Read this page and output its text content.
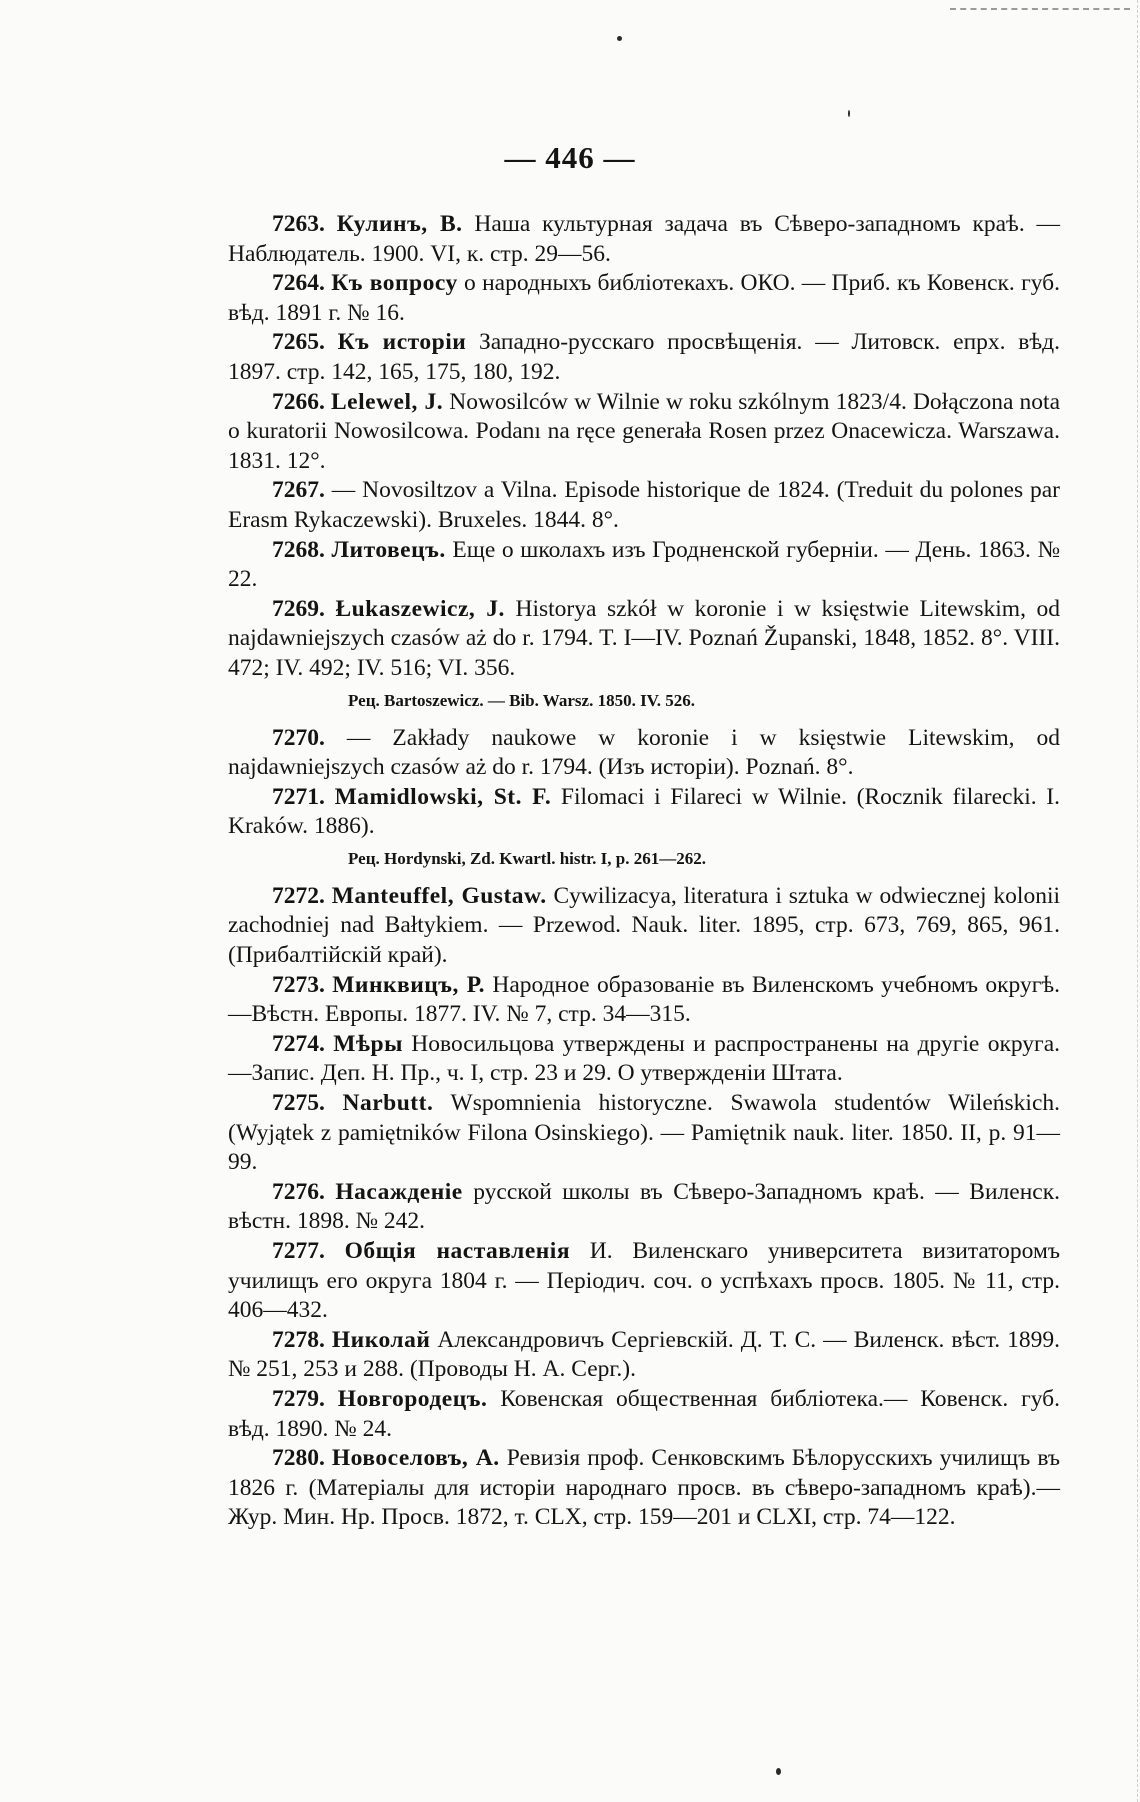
— 446 —

7263. Кулинъ, В. Наша культурная задача въ Сѣверо-западномъ краѣ. — Наблюдатель. 1900. VI, к. стр. 29—56.

7264. Къ вопросу о народныхъ библіотекахъ. ОКО. — Приб. къ Ковенск. губ. вѣд. 1891 г. № 16.

7265. Къ исторіи Западно-русскаго просвѣщенія. — Литовск. епрх. вѣд. 1897. стр. 142, 165, 175, 180, 192.

7266. Lelewel, J. Nowosilców w Wilnie w roku szkólnym 1823/4. Dołączona nota o kuratorii Nowosilcowa. Podanı na ręce generała Rosen przez Onacewicza. Warszawa. 1831. 12°.

7267. — Novosiltzov a Vilna. Episode historique de 1824. (Treduit du polones par Erasm Rykaczewski). Bruxeles. 1844. 8°.

7268. Литовецъ. Еще о школахъ изъ Гродненской губерніи. — День. 1863. № 22.

7269. Łukaszewicz, J. Historya szkół w koronie i w księstwie Litewskim, od najdawniejszych czasów aż do r. 1794. T. I—IV. Poznań Županski, 1848, 1852. 8°. VIII. 472; IV. 492; IV. 516; VI. 356.

Рец. Bartoszewicz. — Bib. Warsz. 1850. IV. 526.

7270. — Zakłady naukowe w koronie i w księstwie Litewskim, od najdawniejszych czasów aż do r. 1794. (Изъ исторіи). Poznań. 8°.

7271. Mamidlowski, St. F. Filomaci i Filareci w Wilnie. (Rocznik filarecki. I. Kraków. 1886).

Рец. Hordynski, Zd. Kwartl. histr. I, p. 261—262.

7272. Manteuffel, Gustaw. Cywilizacya, literatura i sztuka w odwiecznej kolonii zachodniej nad Bałtykiem. — Przewod. Nauk. liter. 1895, стр. 673, 769, 865, 961. (Прибалтійскій край).

7273. Минквицъ, Р. Народное образованіе въ Виленскомъ учебномъ округѣ.—Вѣстн. Европы. 1877. IV. № 7, стр. 34—315.

7274. Мѣры Новосильцова утверждены и распространены на другіе округа.—Запис. Деп. Н. Пр., ч. I, стр. 23 и 29. О утвержденіи Штата.

7275. Narbutt. Wspomnienia historyczne. Swawola studentów Wileńskich. (Wyjątek z pamiętników Filona Osinskiego). — Pamiętnik nauk. liter. 1850. II, p. 91—99.

7276. Насажденіе русской школы въ Сѣверо-Западномъ краѣ. — Виленск. вѣстн. 1898. № 242.

7277. Общія наставленія И. Виленскаго университета визитаторомъ училищъ его округа 1804 г. — Періодич. соч. о успѣхахъ просв. 1805. № 11, стр. 406—432.

7278. Николай Александровичъ Сергіевскій. Д. Т. С. — Виленск. вѣст. 1899. № 251, 253 и 288. (Проводы Н. А. Серг.).

7279. Новгородецъ. Ковенская общественная библіотека.— Ковенск. губ. вѣд. 1890. № 24.

7280. Новоселовъ, А. Ревизія проф. Сенковскимъ Бѣлорусскихъ училищъ въ 1826 г. (Матеріалы для исторіи народнаго просв. въ сѣверо-западномъ краѣ).—Жур. Мин. Нр. Просв. 1872, т. CLX, стр. 159—201 и CLXI, стр. 74—122.
